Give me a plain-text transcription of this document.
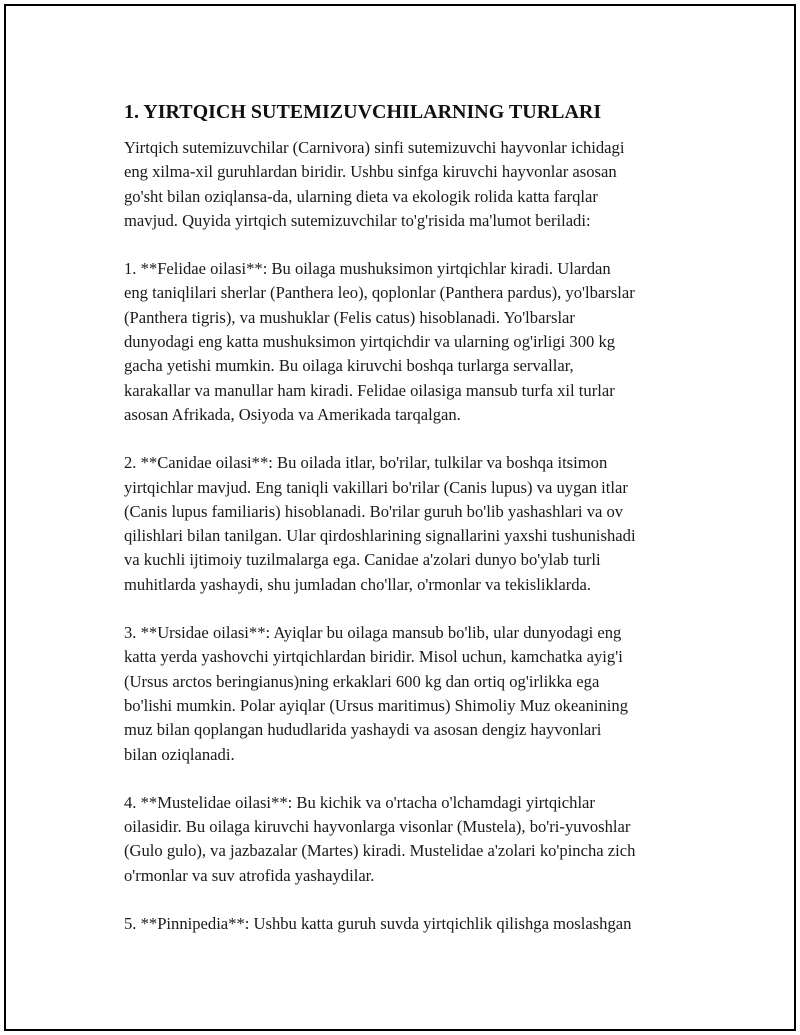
1. YIRTQICH SUTEMIZUVCHILARNING TURLARI

Yirtqich sutemizuvchilar (Carnivora) sinfi sutemizuvchi hayvonlar ichidagi
eng xilma-xil guruhlardan biridir. Ushbu sinfga kiruvchi hayvonlar asosan
go'sht bilan oziqlansa-da, ularning dieta va ekologik rolida katta farqlar
mavjud. Quyida yirtqich sutemizuvchilar to'g'risida ma'lumot beriladi:

1. **Felidae oilasi**: Bu oilaga mushuksimon yirtqichlar kiradi. Ulardan
eng taniqlilari sherlar (Panthera leo), qoplonlar (Panthera pardus), yo'lbarslar
(Panthera tigris), va mushuklar (Felis catus) hisoblanadi. Yo'lbarslar
dunyodagi eng katta mushuksimon yirtqichdir va ularning og'irligi 300 kg
gacha yetishi mumkin. Bu oilaga kiruvchi boshqa turlarga servallar,
karakallar va manullar ham kiradi. Felidae oilasiga mansub turfa xil turlar
asosan Afrikada, Osiyoda va Amerikada tarqalgan.

2. **Canidae oilasi**: Bu oilada itlar, bo'rilar, tulkilar va boshqa itsimon
yirtqichlar mavjud. Eng taniqli vakillari bo'rilar (Canis lupus) va uygan itlar
(Canis lupus familiaris) hisoblanadi. Bo'rilar guruh bo'lib yashashlari va ov
qilishlari bilan tanilgan. Ular qirdoshlarining signallarini yaxshi tushunishadi
va kuchli ijtimoiy tuzilmalarga ega. Canidae a'zolari dunyo bo'ylab turli
muhitlarda yashaydi, shu jumladan cho'llar, o'rmonlar va tekisliklarda.

3. **Ursidae oilasi**: Ayiqlar bu oilaga mansub bo'lib, ular dunyodagi eng
katta yerda yashovchi yirtqichlardan biridir. Misol uchun, kamchatka ayig'i
(Ursus arctos beringianus)ning erkaklari 600 kg dan ortiq og'irlikka ega
bo'lishi mumkin. Polar ayiqlar (Ursus maritimus) Shimoliy Muz okeanining
muz bilan qoplangan hududlarida yashaydi va asosan dengiz hayvonlari
bilan oziqlanadi.

4. **Mustelidae oilasi**: Bu kichik va o'rtacha o'lchamdagi yirtqichlar
oilasidir. Bu oilaga kiruvchi hayvonlarga visonlar (Mustela), bo'ri-yuvoshlar
(Gulo gulo), va jazbazalar (Martes) kiradi. Mustelidae a'zolari ko'pincha zich
o'rmonlar va suv atrofida yashaydilar.

5. **Pinnipedia**: Ushbu katta guruh suvda yirtqichlik qilishga moslashgan
